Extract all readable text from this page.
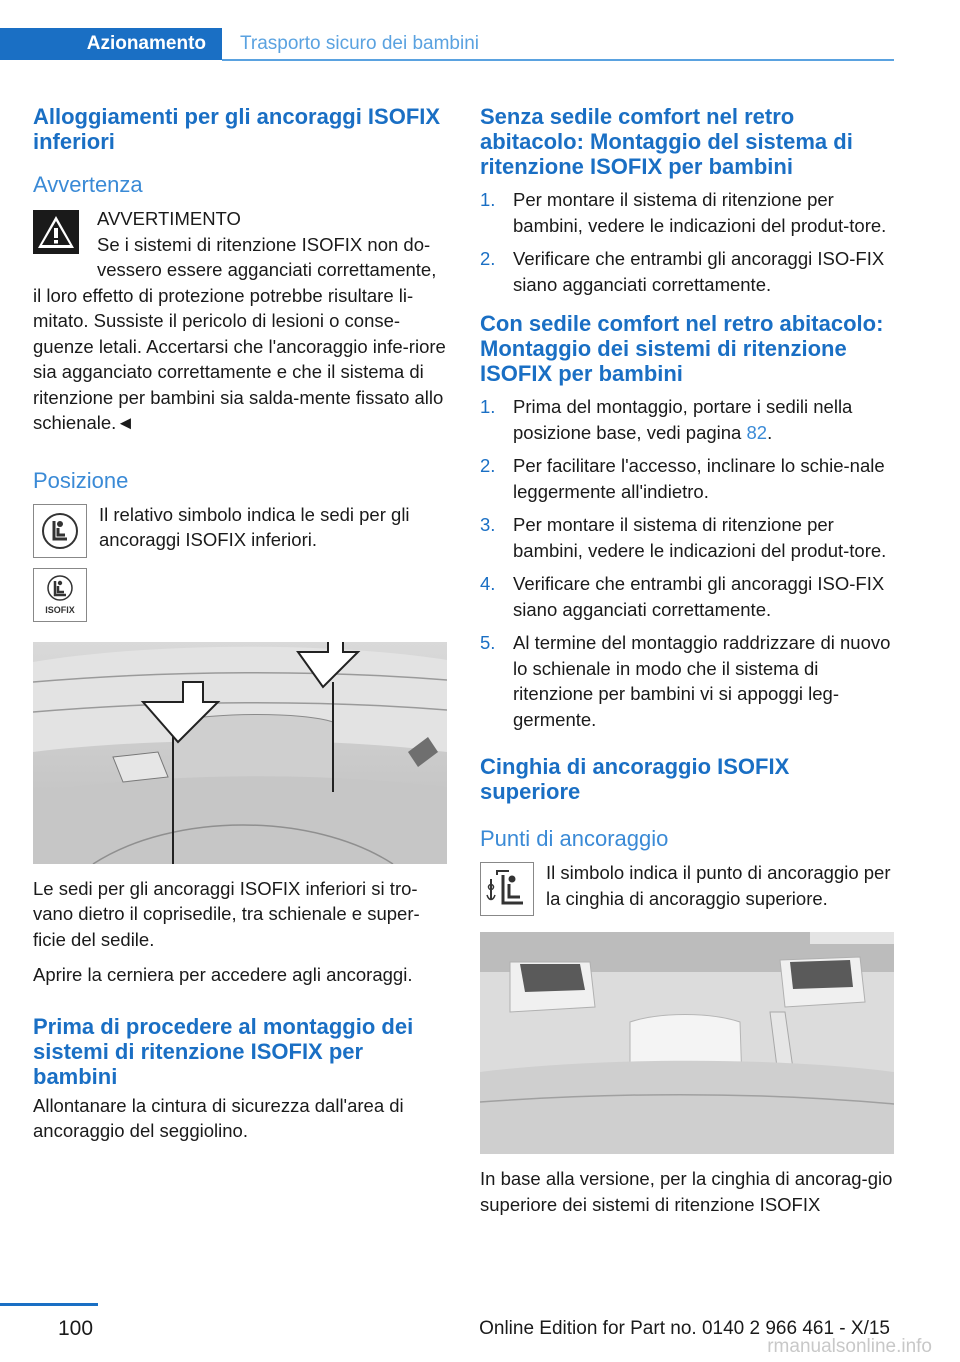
Azionamento	Trasporto sicuro dei bambini
Alloggiamenti per gli ancoraggi ISOFIX inferiori
Avvertenza
AVVERTIMENTO

Se i sistemi di ritenzione ISOFIX non do-vessero essere agganciati correttamente, il loro effetto di protezione potrebbe risultare li-mitato. Sussiste il pericolo di lesioni o conse-guenze letali. Accertarsi che l'ancoraggio infe-riore sia agganciato correttamente e che il sistema di ritenzione per bambini sia salda-mente fissato allo schienale.◄

Posizione

Il relativo simbolo indica le sedi per gli ancoraggi ISOFIX inferiori.

ISOFIX

Le sedi per gli ancoraggi ISOFIX inferiori si tro-vano dietro il coprisedile, tra schienale e super-ficie del sedile.

Aprire la cerniera per accedere agli ancoraggi.

Prima di procedere al montaggio dei sistemi di ritenzione ISOFIX per bambini

Allontanare la cintura di sicurezza dall'area di ancoraggio del seggiolino.

Senza sedile comfort nel retro abitacolo: Montaggio del sistema di ritenzione ISOFIX per bambini
1. Per montare il sistema di ritenzione per bambini, vedere le indicazioni del produt-tore.
2. Verificare che entrambi gli ancoraggi ISO-FIX siano agganciati correttamente.
Con sedile comfort nel retro abitacolo: Montaggio dei sistemi di ritenzione ISOFIX per bambini
1. Prima del montaggio, portare i sedili nella posizione base, vedi pagina 82.
2. Per facilitare l'accesso, inclinare lo schie-nale leggermente all'indietro.
3. Per montare il sistema di ritenzione per bambini, vedere le indicazioni del produt-tore.
4. Verificare che entrambi gli ancoraggi ISO-FIX siano agganciati correttamente.
5. Al termine del montaggio raddrizzare di nuovo lo schienale in modo che il sistema di ritenzione per bambini vi si appoggi leg-germente.
Cinghia di ancoraggio ISOFIX superiore
Punti di ancoraggio

Il simbolo indica il punto di ancoraggio per la cinghia di ancoraggio superiore.

In base alla versione, per la cinghia di ancorag-gio superiore dei sistemi di ritenzione ISOFIX

100	Online Edition for Part no. 0140 2 966 461 - X/15
rmanualsonline.info
